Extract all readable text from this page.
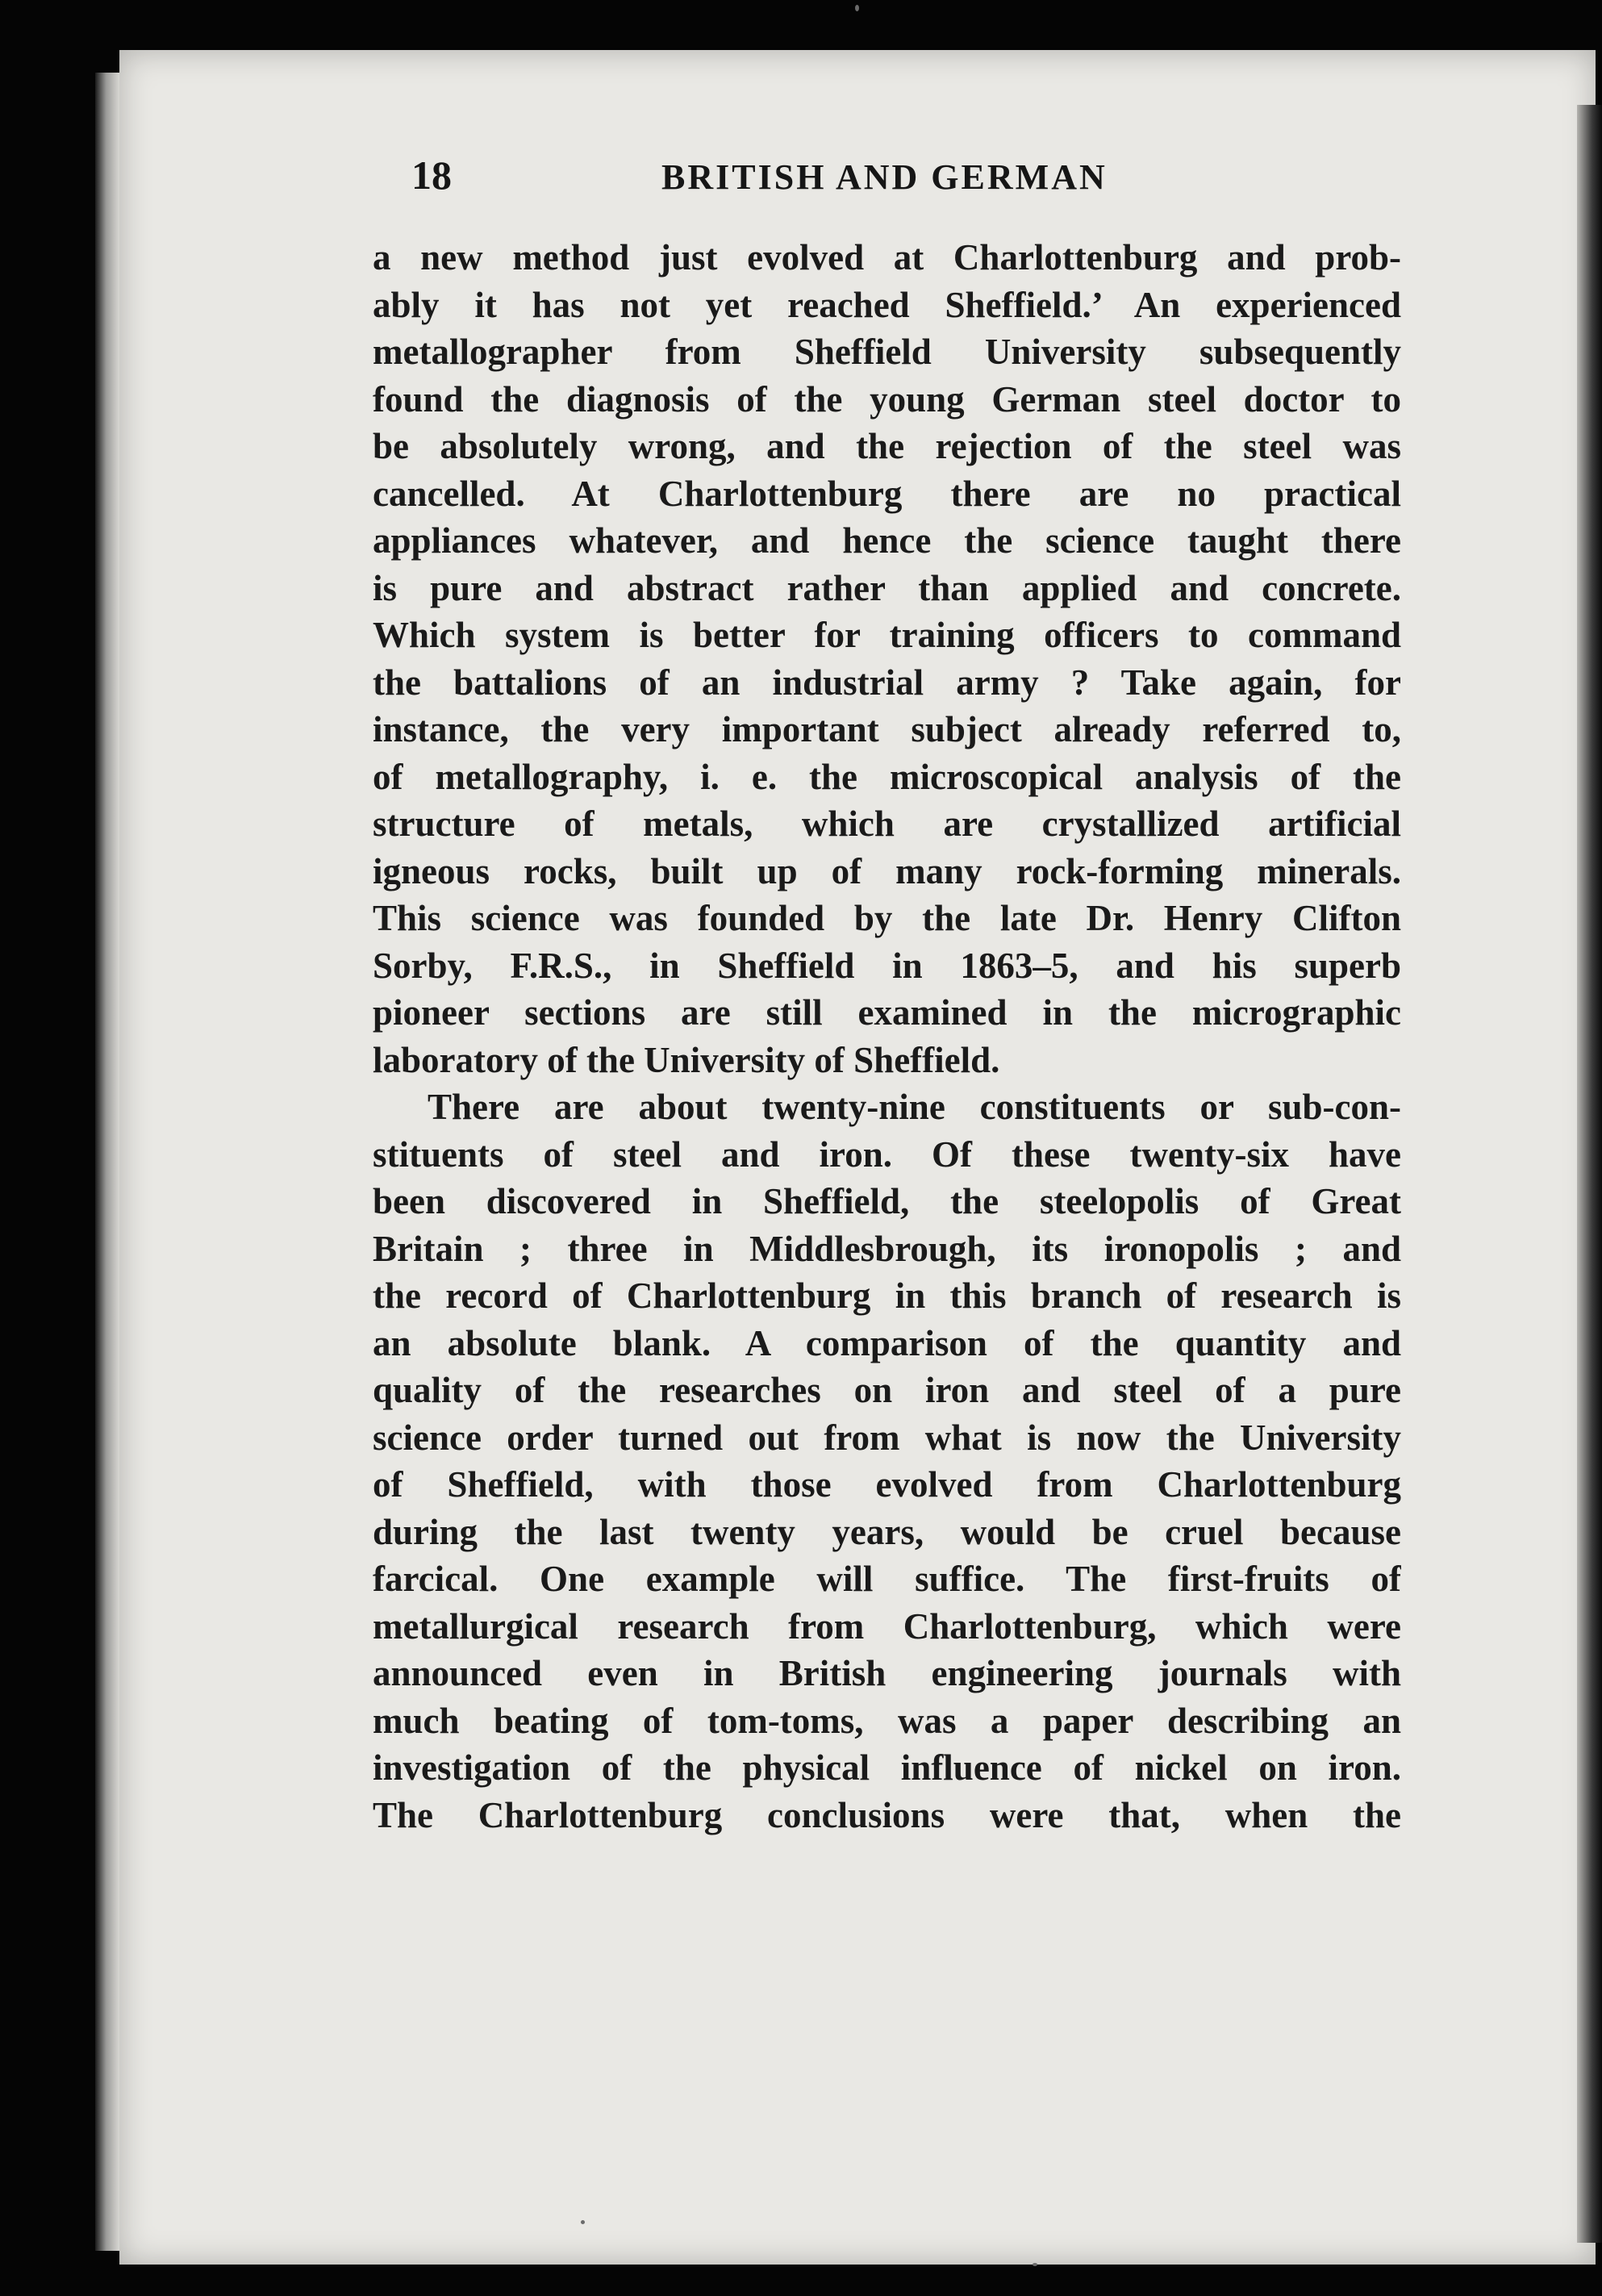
18	BRITISH AND GERMAN
a new method just evolved at Charlottenburg and prob-
ably it has not yet reached Sheffield.’ An experienced
metallographer from Sheffield University subsequently
found the diagnosis of the young German steel doctor to
be absolutely wrong, and the rejection of the steel was
cancelled. At Charlottenburg there are no practical
appliances whatever, and hence the science taught there
is pure and abstract rather than applied and concrete.
Which system is better for training officers to command
the battalions of an industrial army ? Take again, for
instance, the very important subject already referred to,
of metallography, i. e. the microscopical analysis of the
structure of metals, which are crystallized artificial
igneous rocks, built up of many rock-forming minerals.
This science was founded by the late Dr. Henry Clifton
Sorby, F.R.S., in Sheffield in 1863–5, and his superb
pioneer sections are still examined in the micrographic
laboratory of the University of Sheffield.
There are about twenty-nine constituents or sub-con-
stituents of steel and iron. Of these twenty-six have
been discovered in Sheffield, the steelopolis of Great
Britain ; three in Middlesbrough, its ironopolis ; and
the record of Charlottenburg in this branch of research is
an absolute blank. A comparison of the quantity and
quality of the researches on iron and steel of a pure
science order turned out from what is now the University
of Sheffield, with those evolved from Charlottenburg
during the last twenty years, would be cruel because
farcical. One example will suffice. The first-fruits of
metallurgical research from Charlottenburg, which were
announced even in British engineering journals with
much beating of tom-toms, was a paper describing an
investigation of the physical influence of nickel on iron.
The Charlottenburg conclusions were that, when the
